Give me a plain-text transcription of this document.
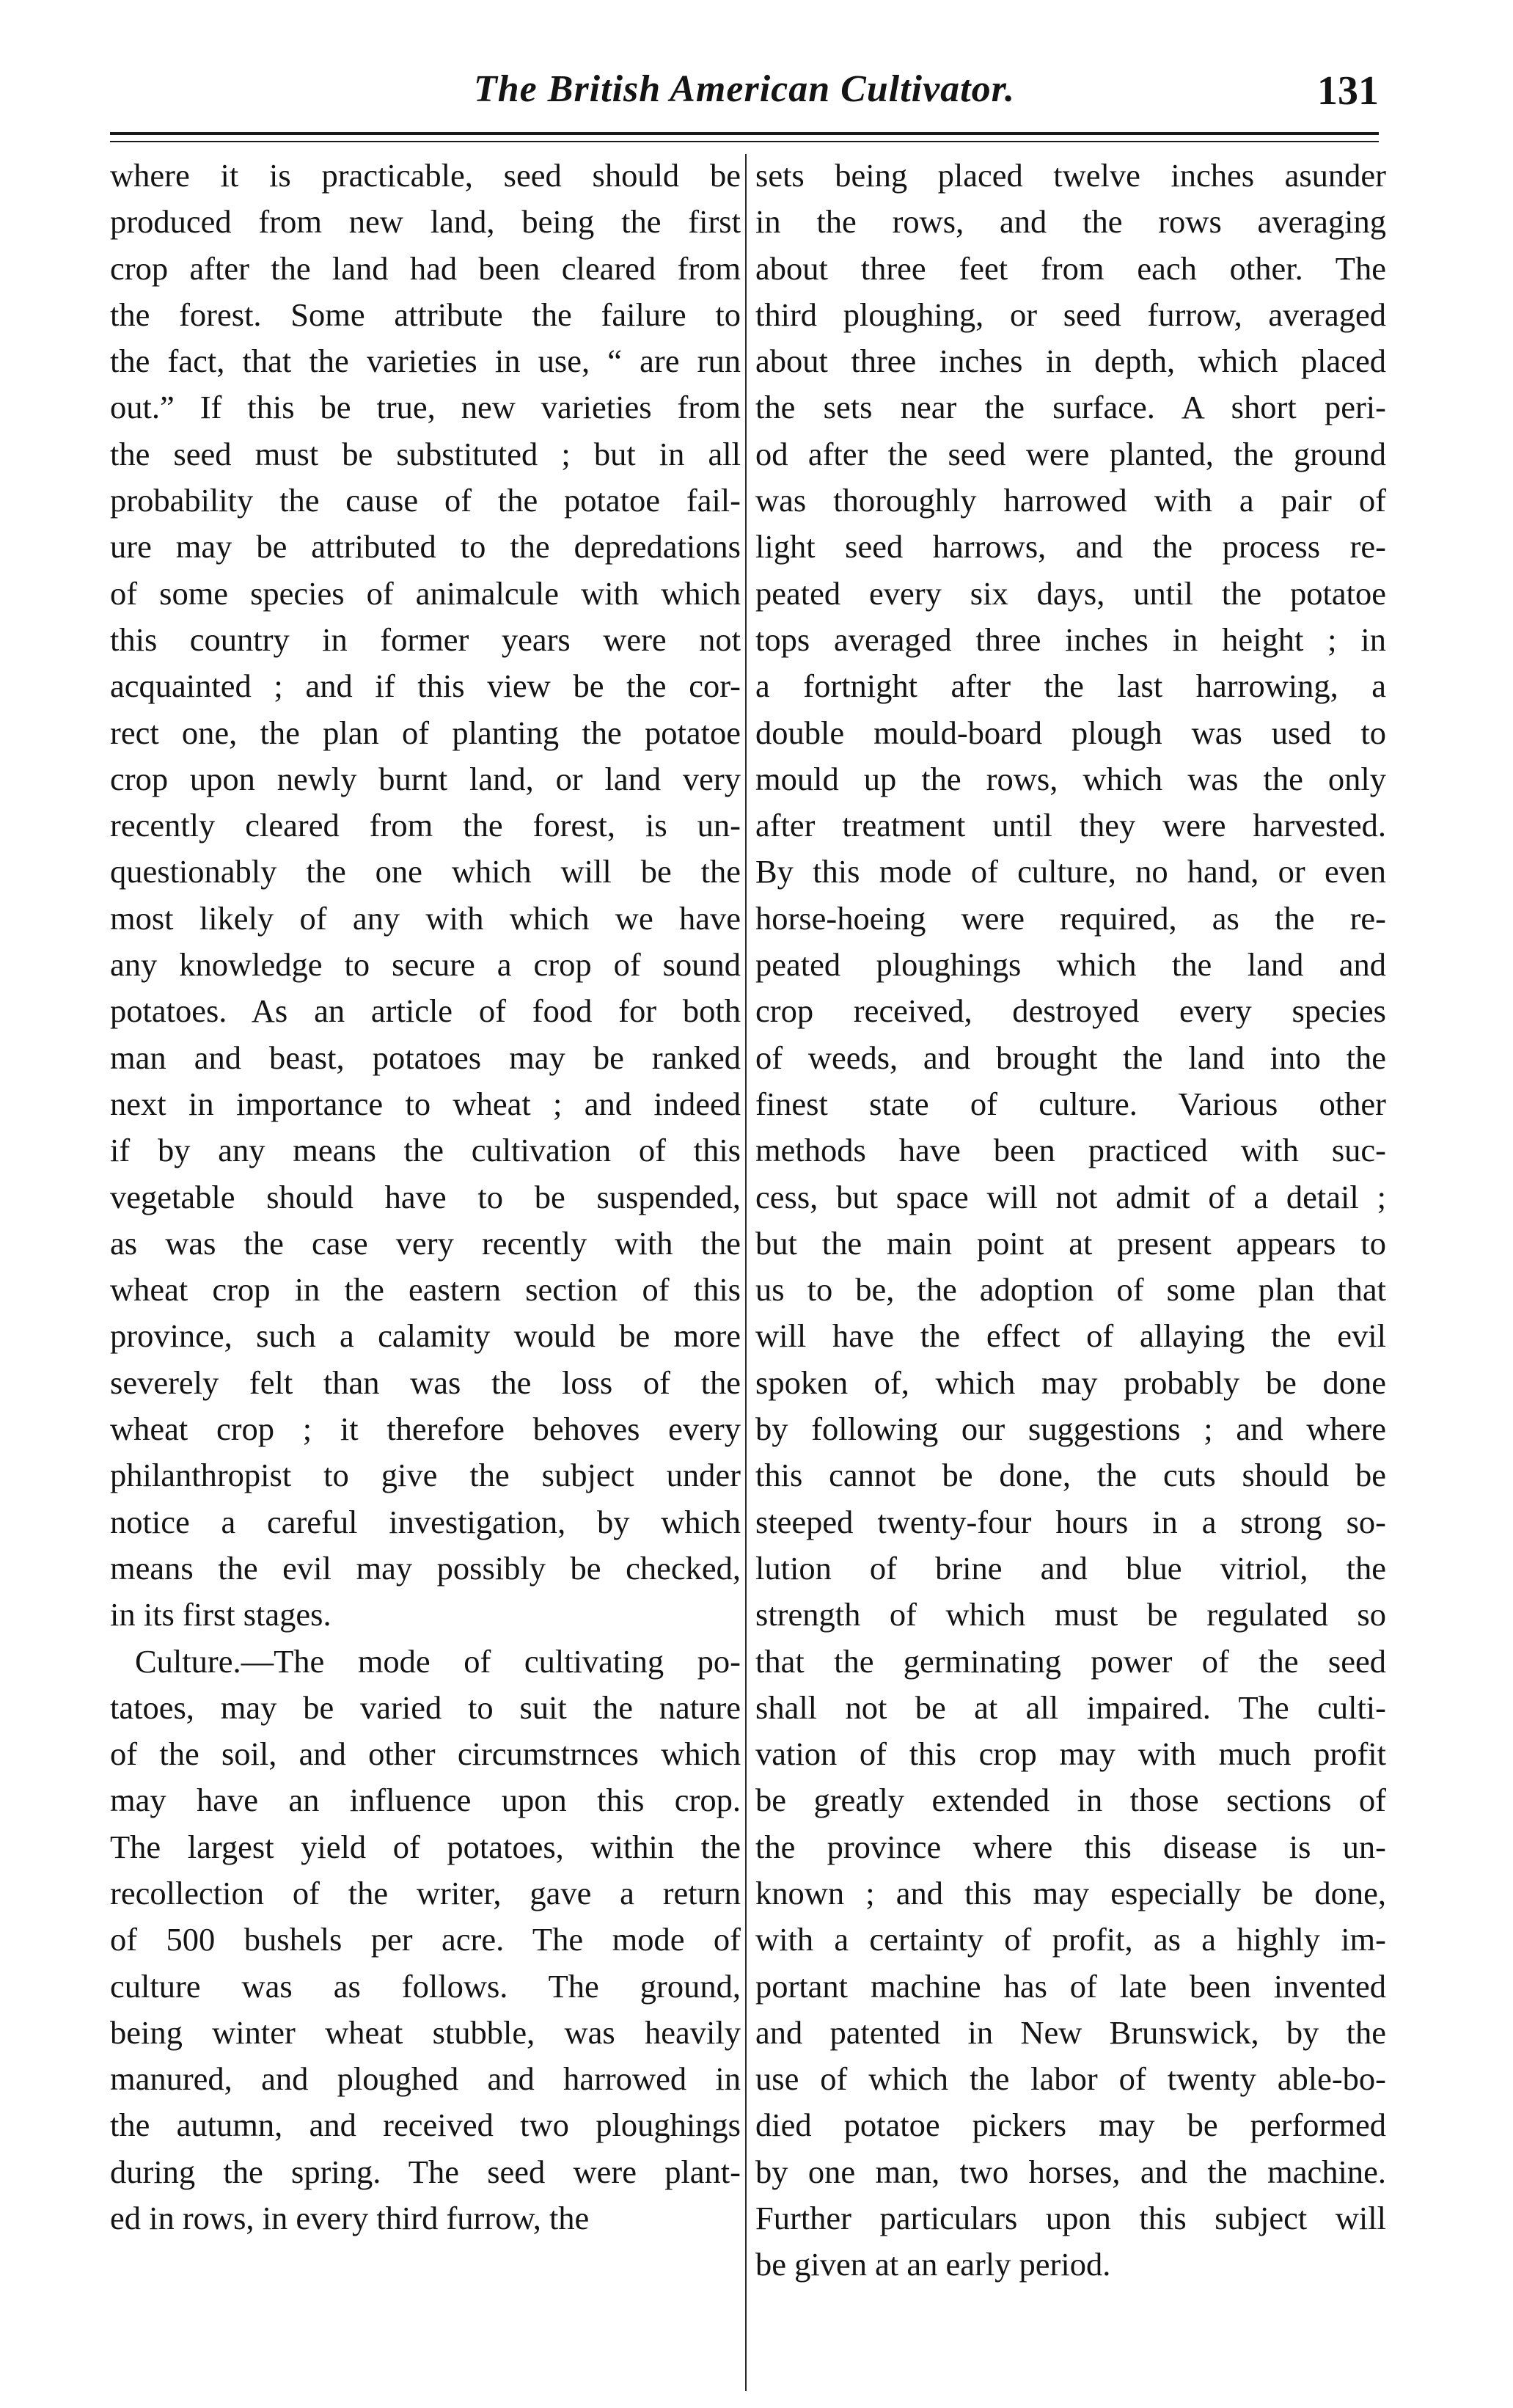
The British American Cultivator.	131
where it is practicable, seed should be
produced from new land, being the first
crop after the land had been cleared from
the forest. Some attribute the failure to
the fact, that the varieties in use, “ are run
out.” If this be true, new varieties from
the seed must be substituted ; but in all
probability the cause of the potatoe fail-
ure may be attributed to the depredations
of some species of animalcule with which
this country in former years were not
acquainted ; and if this view be the cor-
rect one, the plan of planting the potatoe
crop upon newly burnt land, or land very
recently cleared from the forest, is un-
questionably the one which will be the
most likely of any with which we have
any knowledge to secure a crop of sound
potatoes. As an article of food for both
man and beast, potatoes may be ranked
next in importance to wheat ; and indeed
if by any means the cultivation of this
vegetable should have to be suspended,
as was the case very recently with the
wheat crop in the eastern section of this
province, such a calamity would be more
severely felt than was the loss of the
wheat crop ; it therefore behoves every
philanthropist to give the subject under
notice a careful investigation, by which
means the evil may possibly be checked,
in its first stages.
Culture.—The mode of cultivating po-
tatoes, may be varied to suit the nature
of the soil, and other circumstrnces which
may have an influence upon this crop.
The largest yield of potatoes, within the
recollection of the writer, gave a return
of 500 bushels per acre. The mode of
culture was as follows. The ground,
being winter wheat stubble, was heavily
manured, and ploughed and harrowed in
the autumn, and received two ploughings
during the spring. The seed were plant-
ed in rows, in every third furrow, the
sets being placed twelve inches asunder
in the rows, and the rows averaging
about three feet from each other. The
third ploughing, or seed furrow, averaged
about three inches in depth, which placed
the sets near the surface. A short peri-
od after the seed were planted, the ground
was thoroughly harrowed with a pair of
light seed harrows, and the process re-
peated every six days, until the potatoe
tops averaged three inches in height ; in
a fortnight after the last harrowing, a
double mould-board plough was used to
mould up the rows, which was the only
after treatment until they were harvested.
By this mode of culture, no hand, or even
horse-hoeing were required, as the re-
peated ploughings which the land and
crop received, destroyed every species
of weeds, and brought the land into the
finest state of culture. Various other
methods have been practiced with suc-
cess, but space will not admit of a detail ;
but the main point at present appears to
us to be, the adoption of some plan that
will have the effect of allaying the evil
spoken of, which may probably be done
by following our suggestions ; and where
this cannot be done, the cuts should be
steeped twenty-four hours in a strong so-
lution of brine and blue vitriol, the
strength of which must be regulated so
that the germinating power of the seed
shall not be at all impaired. The culti-
vation of this crop may with much profit
be greatly extended in those sections of
the province where this disease is un-
known ; and this may especially be done,
with a certainty of profit, as a highly im-
portant machine has of late been invented
and patented in New Brunswick, by the
use of which the labor of twenty able-bo-
died potatoe pickers may be performed
by one man, two horses, and the machine.
Further particulars upon this subject will
be given at an early period.
